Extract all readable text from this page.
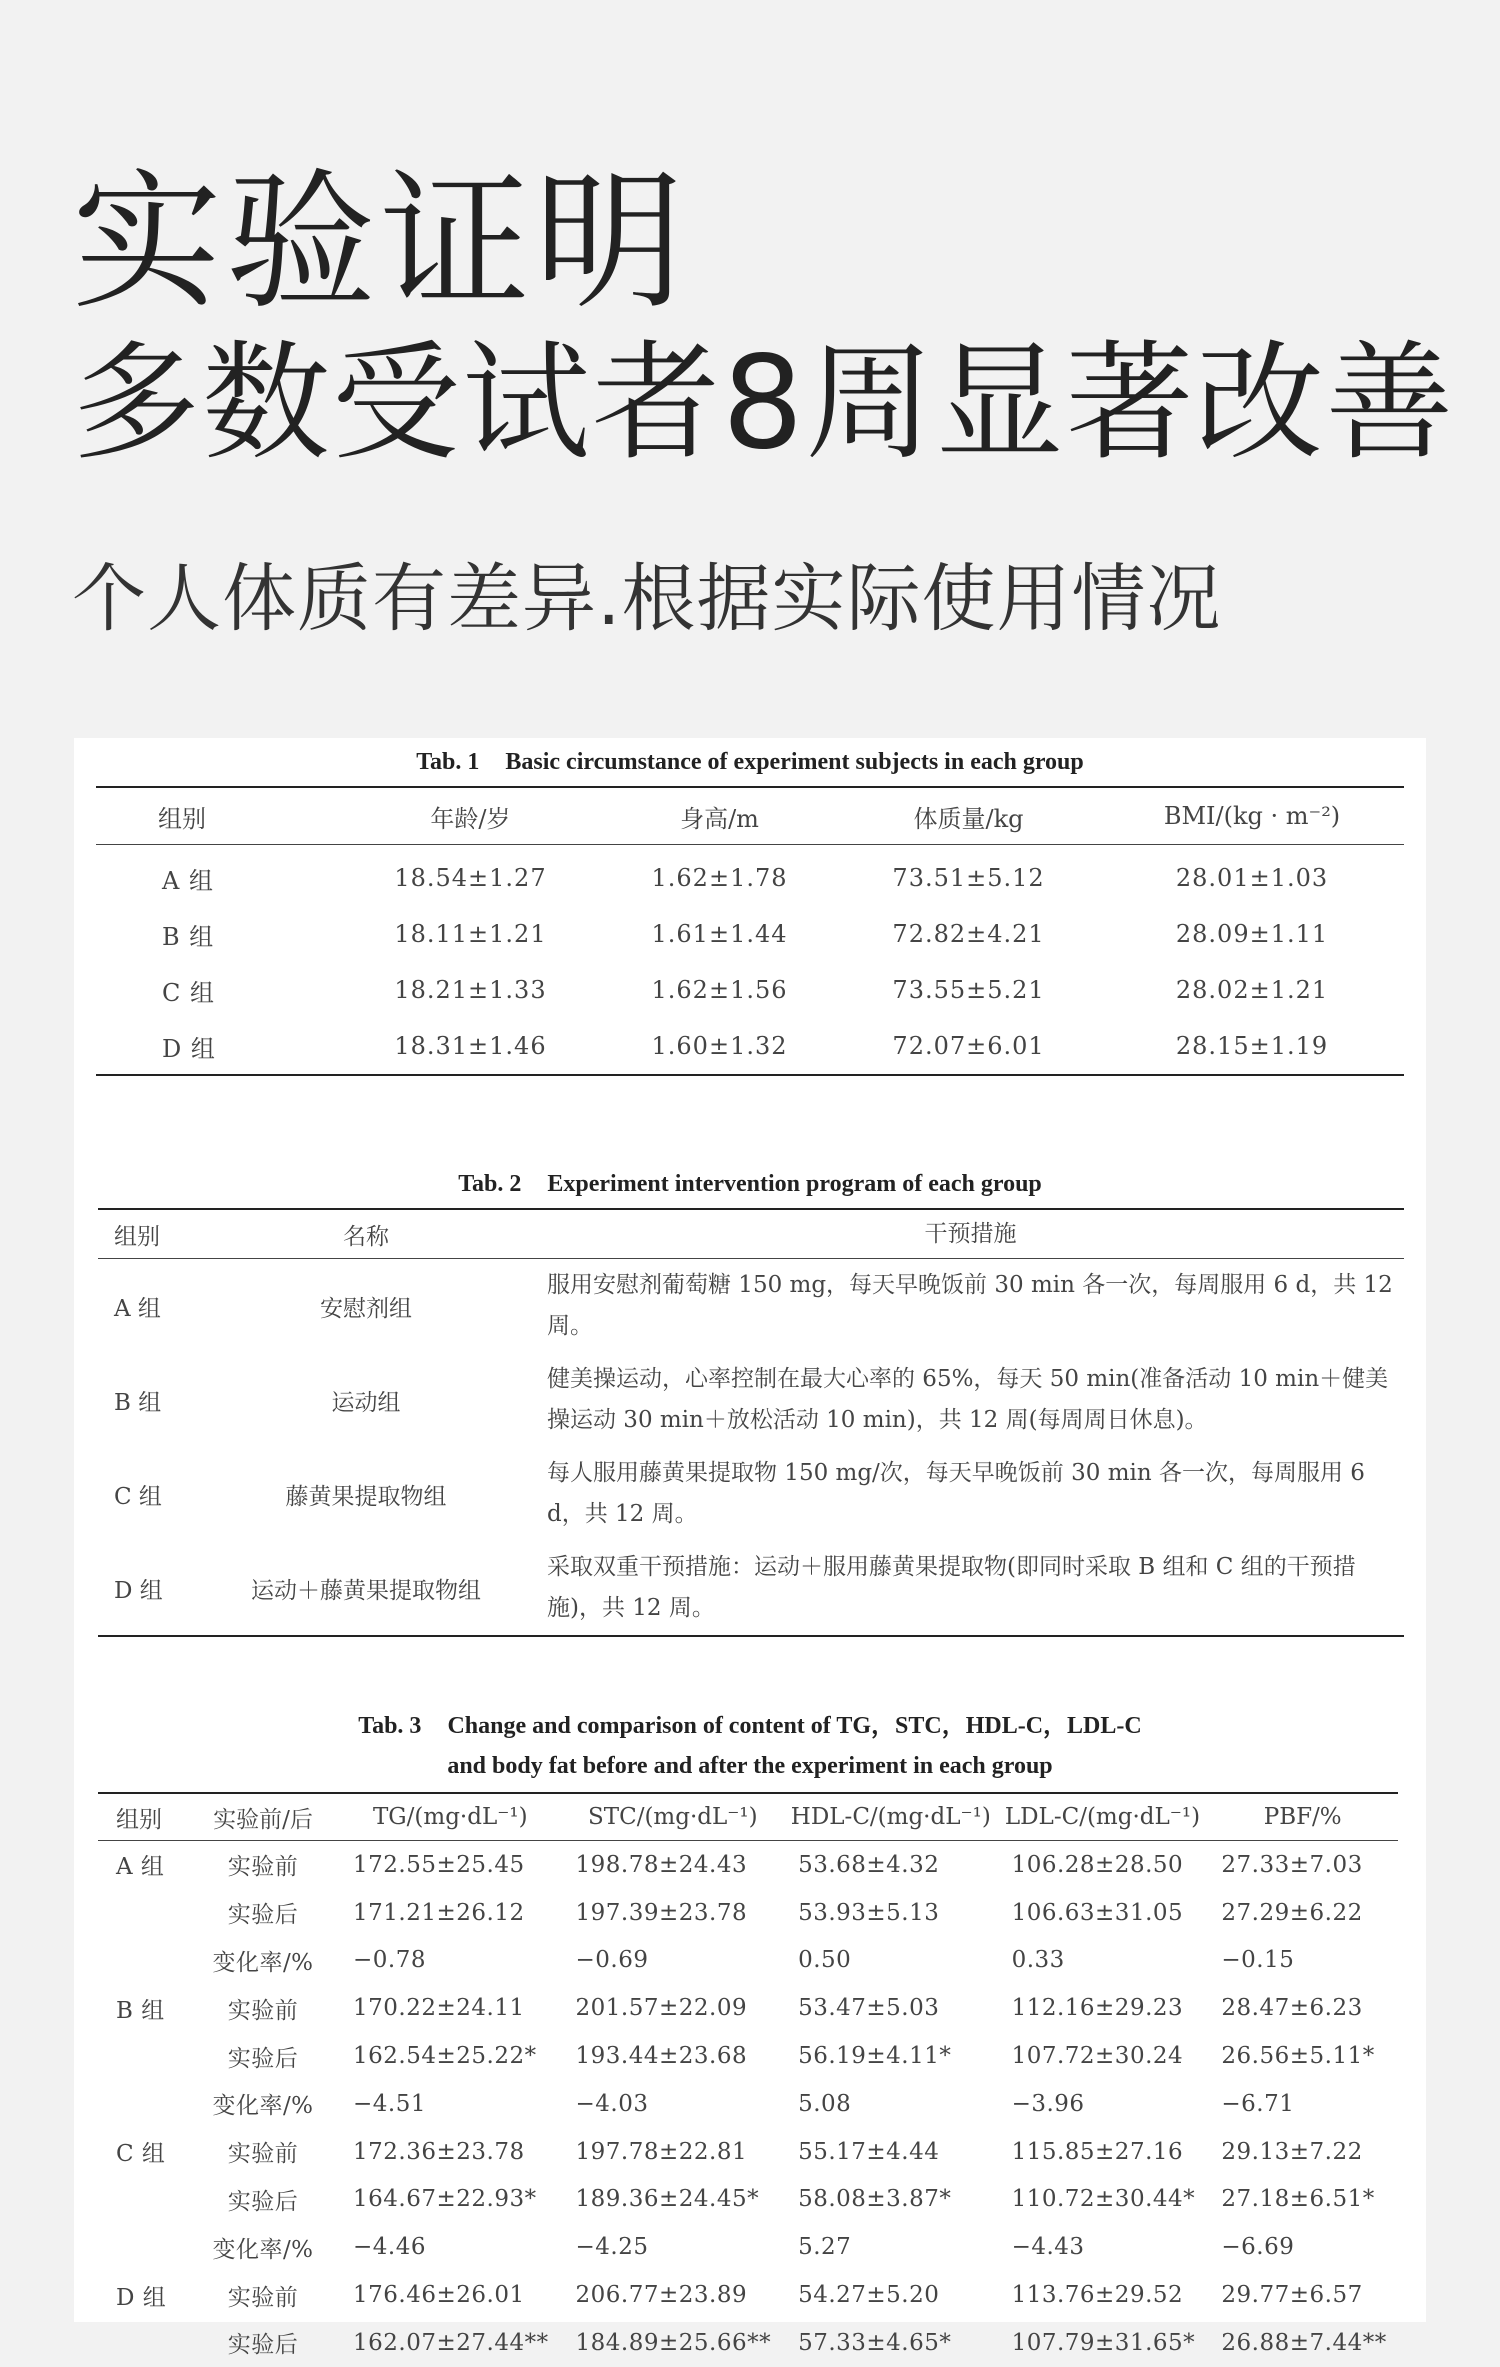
实验证明
多数受试者8周显著改善

个人体质有差异.根据实际使用情况

Tab. 1 Basic circumstance of experiment subjects in each group
组别	年龄/岁	身高/m	体质量/kg	BMI/(kg · m⁻²)
A 组	18.54±1.27	1.62±1.78	73.51±5.12	28.01±1.03
B 组	18.11±1.21	1.61±1.44	72.82±4.21	28.09±1.11
C 组	18.21±1.33	1.62±1.56	73.55±5.21	28.02±1.21
D 组	18.31±1.46	1.60±1.32	72.07±6.01	28.15±1.19
Tab. 2 Experiment intervention program of each group
组别	名称	干预措施
A 组	安慰剂组	服用安慰剂葡萄糖 150 mg，每天早晚饭前 30 min 各一次，每周服用 6 d，共 12 周。
B 组	运动组	健美操运动，心率控制在最大心率的 65%，每天 50 min(准备活动 10 min＋健美操运动 30 min＋放松活动 10 min)，共 12 周(每周周日休息)。
C 组	藤黄果提取物组	每人服用藤黄果提取物 150 mg/次，每天早晚饭前 30 min 各一次，每周服用 6 d，共 12 周。
D 组	运动＋藤黄果提取物组	采取双重干预措施：运动＋服用藤黄果提取物(即同时采取 B 组和 C 组的干预措施)，共 12 周。
Tab. 3 Change and comparison of content of TG，STC，HDL-C，LDL-C
and body fat before and after the experiment in each group
组别	实验前/后	TG/(mg·dL⁻¹)	STC/(mg·dL⁻¹)	HDL-C/(mg·dL⁻¹)	LDL-C/(mg·dL⁻¹)	PBF/%
A 组	实验前	172.55±25.45	198.78±24.43	53.68±4.32	106.28±28.50	27.33±7.03
	实验后	171.21±26.12	197.39±23.78	53.93±5.13	106.63±31.05	27.29±6.22
	变化率/%	−0.78	−0.69	0.50	0.33	−0.15
B 组	实验前	170.22±24.11	201.57±22.09	53.47±5.03	112.16±29.23	28.47±6.23
	实验后	162.54±25.22*	193.44±23.68	56.19±4.11*	107.72±30.24	26.56±5.11*
	变化率/%	−4.51	−4.03	5.08	−3.96	−6.71
C 组	实验前	172.36±23.78	197.78±22.81	55.17±4.44	115.85±27.16	29.13±7.22
	实验后	164.67±22.93*	189.36±24.45*	58.08±3.87*	110.72±30.44*	27.18±6.51*
	变化率/%	−4.46	−4.25	5.27	−4.43	−6.69
D 组	实验前	176.46±26.01	206.77±23.89	54.27±5.20	113.76±29.52	29.77±6.57
	实验后	162.07±27.44**	184.89±25.66**	57.33±4.65*	107.79±31.65*	26.88±7.44**
